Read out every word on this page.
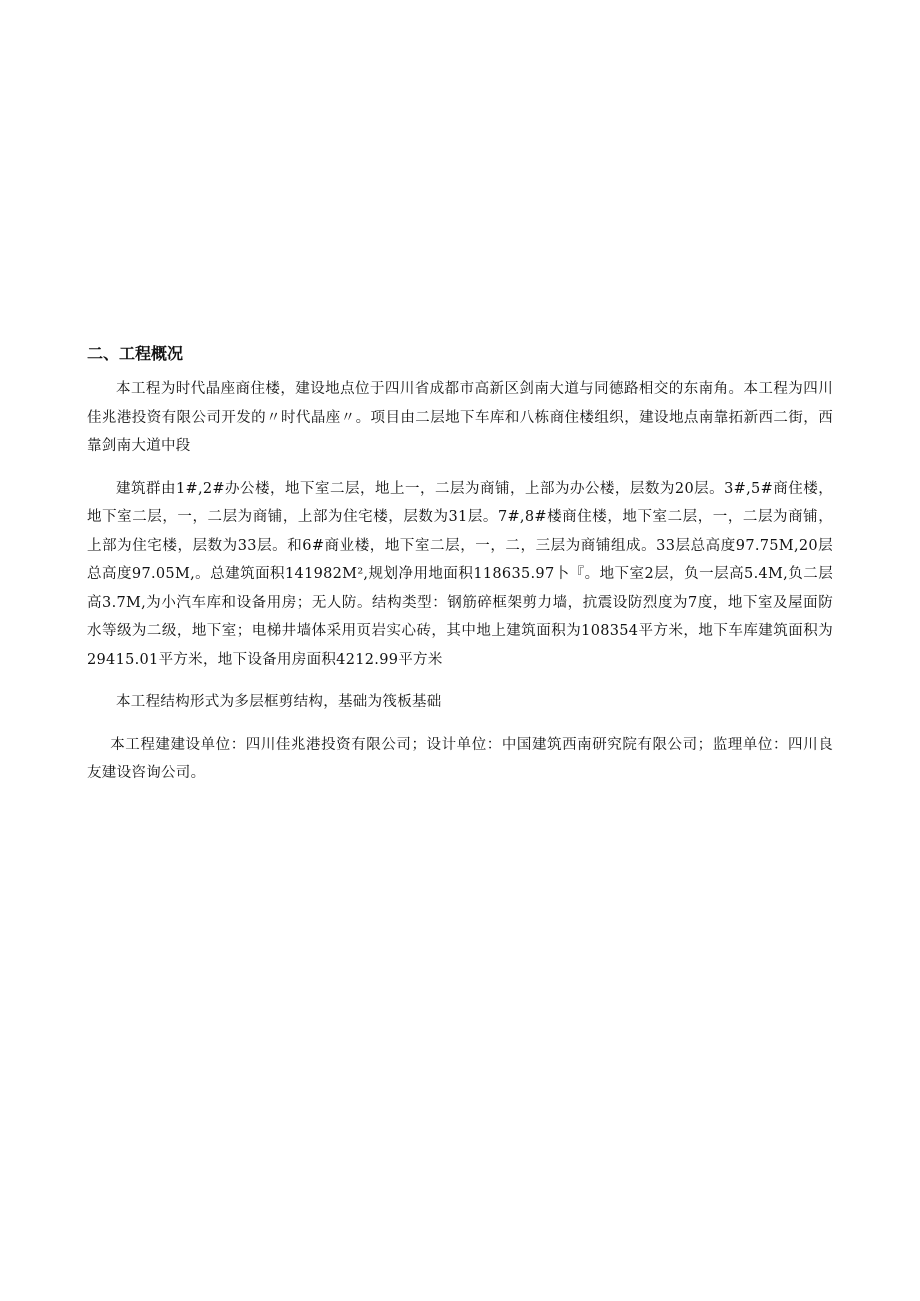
二、工程概况

本工程为时代晶座商住楼，建设地点位于四川省成都市高新区剑南大道与同德路相交的东南角。本工程为四川佳兆港投资有限公司开发的〃时代晶座〃。项目由二层地下车库和八栋商住楼组织，建设地点南靠拓新西二街，西靠剑南大道中段

建筑群由1#,2#办公楼，地下室二层，地上一，二层为商铺，上部为办公楼，层数为20层。3#,5#商住楼，地下室二层，一，二层为商铺，上部为住宅楼，层数为31层。7#,8#楼商住楼，地下室二层，一，二层为商铺，上部为住宅楼，层数为33层。和6#商业楼，地下室二层，一，二，三层为商铺组成。33层总高度97.75M,20层总高度97.05M,。总建筑面积141982M²,规划净用地面积118635.97卜『。地下室2层，负一层高5.4M,负二层高3.7M,为小汽车库和设备用房；无人防。结构类型：钢筋碎框架剪力墙，抗震设防烈度为7度，地下室及屋面防水等级为二级，地下室；电梯井墙体采用页岩实心砖，其中地上建筑面积为108354平方米，地下车库建筑面积为29415.01平方米，地下设备用房面积4212.99平方米

本工程结构形式为多层框剪结构，基础为筏板基础

本工程建建设单位：四川佳兆港投资有限公司；设计单位：中国建筑西南研究院有限公司；监理单位：四川良友建设咨询公司。
